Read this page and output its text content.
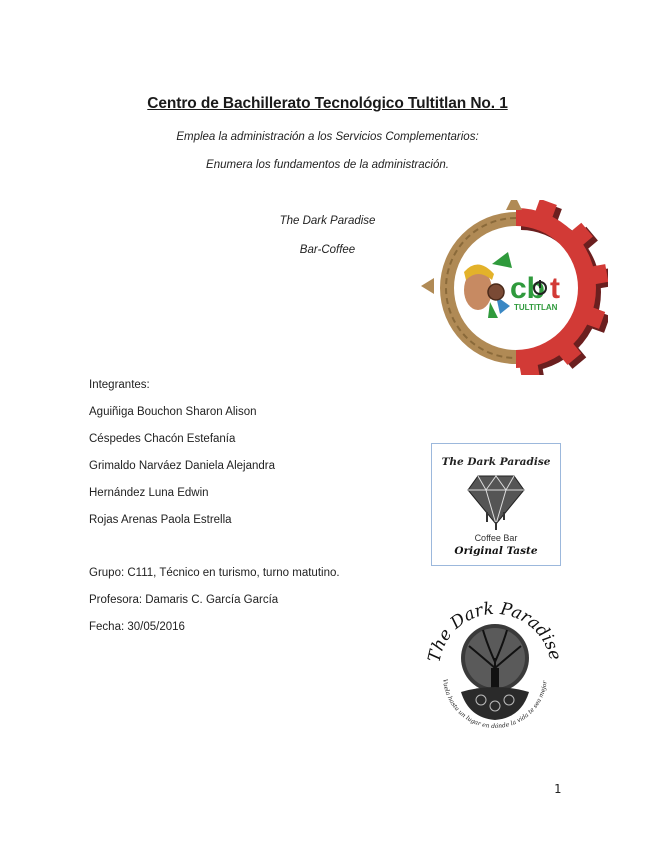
Centro de Bachillerato Tecnológico Tultitlan No. 1
Emplea la administración a los Servicios Complementarios:
Enumera los fundamentos de la administración.
The Dark Paradise
Bar-Coffee
cb t
TULTITLAN
Integrantes:
Aguiñiga Bouchon Sharon Alison
Céspedes Chacón Estefanía
Grimaldo Narváez Daniela Alejandra
Hernández Luna Edwin
Rojas Arenas Paola Estrella
Grupo: C111, Técnico en turismo, turno matutino.
Profesora: Damaris C. García García
Fecha: 30/05/2016
The Dark Paradise
Coffee Bar
Original Taste
The Dark Paradise
Vuela hasta un lugar en dónde la vida te sea mejor
1
